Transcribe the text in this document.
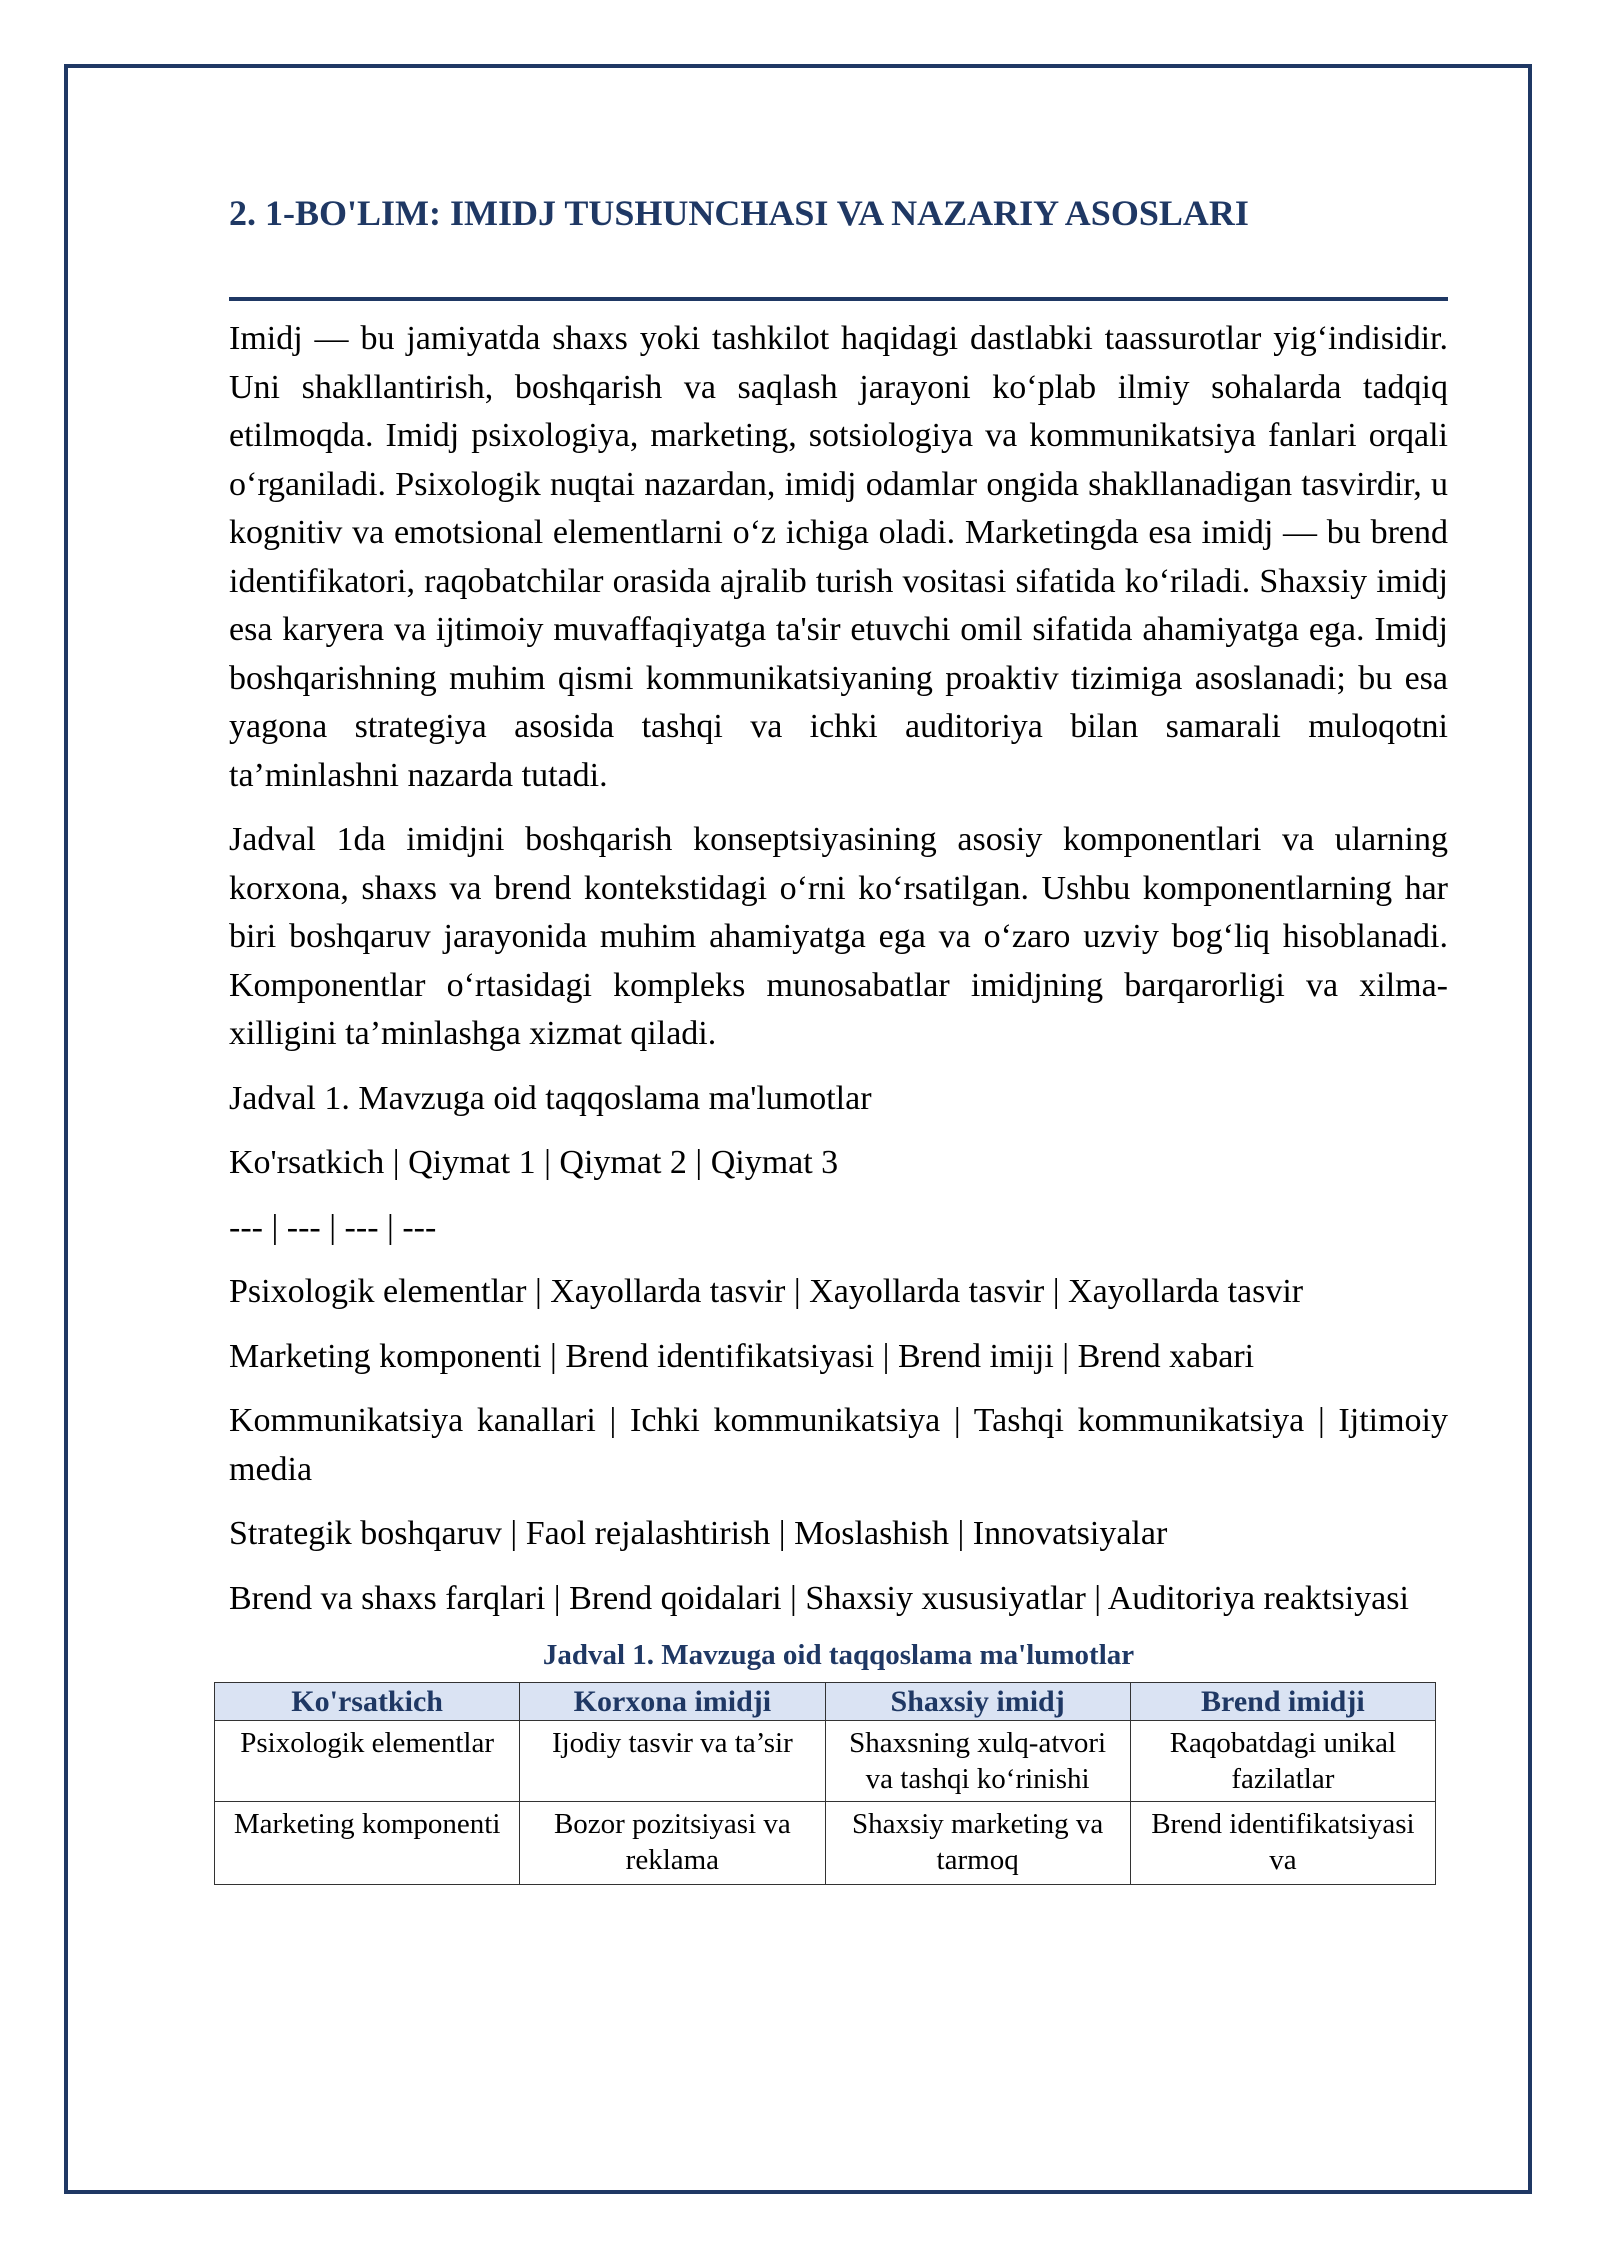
2. 1-BO'LIM: IMIDJ TUSHUNCHASI VA NAZARIY ASOSLARI

Imidj — bu jamiyatda shaxs yoki tashkilot haqidagi dastlabki taassurotlar yig‘indisidir. Uni shakllantirish, boshqarish va saqlash jarayoni ko‘plab ilmiy sohalarda tadqiq etilmoqda. Imidj psixologiya, marketing, sotsiologiya va kommunikatsiya fanlari orqali o‘rganiladi. Psixologik nuqtai nazardan, imidj odamlar ongida shakllanadigan tasvirdir, u kognitiv va emotsional elementlarni o‘z ichiga oladi. Marketingda esa imidj — bu brend identifikatori, raqobatchilar orasida ajralib turish vositasi sifatida ko‘riladi. Shaxsiy imidj esa karyera va ijtimoiy muvaffaqiyatga ta'sir etuvchi omil sifatida ahamiyatga ega. Imidj boshqarishning muhim qismi kommunikatsiyaning proaktiv tizimiga asoslanadi; bu esa yagona strategiya asosida tashqi va ichki auditoriya bilan samarali muloqotni ta’minlashni nazarda tutadi.

Jadval 1da imidjni boshqarish konseptsiyasining asosiy komponentlari va ularning korxona, shaxs va brend kontekstidagi o‘rni ko‘rsatilgan. Ushbu komponentlarning har biri boshqaruv jarayonida muhim ahamiyatga ega va o‘zaro uzviy bog‘liq hisoblanadi. Komponentlar o‘rtasidagi kompleks munosabatlar imidjning barqarorligi va xilma-xilligini ta’minlashga xizmat qiladi.

Jadval 1. Mavzuga oid taqqoslama ma'lumotlar
Ko'rsatkich | Qiymat 1 | Qiymat 2 | Qiymat 3
--- | --- | --- | ---
Psixologik elementlar | Xayollarda tasvir | Xayollarda tasvir | Xayollarda tasvir
Marketing komponenti | Brend identifikatsiyasi | Brend imiji | Brend xabari
Kommunikatsiya kanallari | Ichki kommunikatsiya | Tashqi kommunikatsiya | Ijtimoiy media
Strategik boshqaruv | Faol rejalashtirish | Moslashish | Innovatsiyalar
Brend va shaxs farqlari | Brend qoidalari | Shaxsiy xususiyatlar | Auditoriya reaktsiyasi
Jadval 1. Mavzuga oid taqqoslama ma'lumotlar
Ko'rsatkich	Korxona imidji	Shaxsiy imidj	Brend imidji
Psixologik elementlar	Ijodiy tasvir va ta’sir	Shaxsning xulq-atvori va tashqi ko‘rinishi	Raqobatdagi unikal fazilatlar

Marketing komponenti	Bozor pozitsiyasi va reklama	Shaxsiy marketing va tarmoq	Brend identifikatsiyasi va
